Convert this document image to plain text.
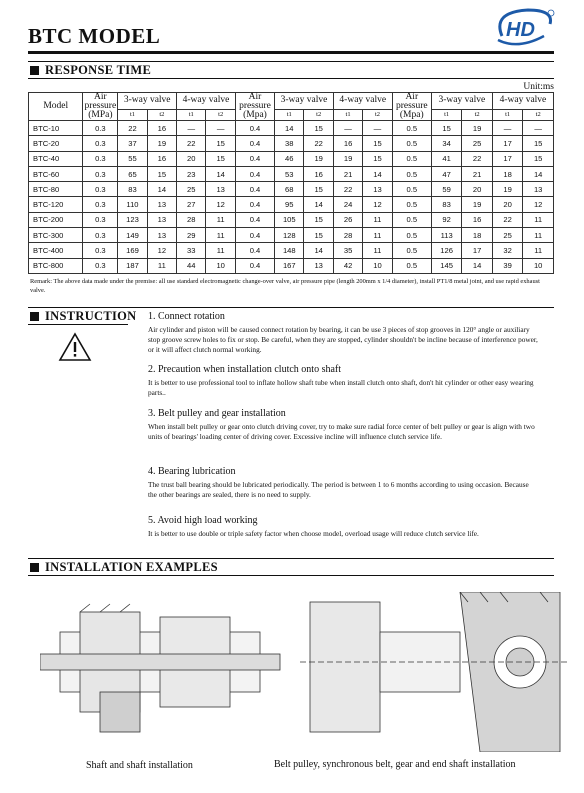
BTC MODEL	HD
RESPONSE TIME
Unit:ms
Model	Air pressure (MPa)	3-way valve		4-way valve		Air pressure (Mpa)	3-way valve		4-way valve		Air pressure (Mpa)	3-way valve		4-way valve	
		t1	t2	t1	t2		t1	t2	t1	t2		t1	t2	t1	t2
BTC-10	0.3	22	16	—	—	0.4	14	15	—	—	0.5	15	19	—	—
BTC-20	0.3	37	19	22	15	0.4	38	22	16	15	0.5	34	25	17	15
BTC-40	0.3	55	16	20	15	0.4	46	19	19	15	0.5	41	22	17	15
BTC-60	0.3	65	15	23	14	0.4	53	16	21	14	0.5	47	21	18	14
BTC-80	0.3	83	14	25	13	0.4	68	15	22	13	0.5	59	20	19	13
BTC-120	0.3	110	13	27	12	0.4	95	14	24	12	0.5	83	19	20	12
BTC-200	0.3	123	13	28	11	0.4	105	15	26	11	0.5	92	16	22	11
BTC-300	0.3	149	13	29	11	0.4	128	15	28	11	0.5	113	18	25	11
BTC-400	0.3	169	12	33	11	0.4	148	14	35	11	0.5	126	17	32	11
BTC-800	0.3	187	11	44	10	0.4	167	13	42	10	0.5	145	14	39	10
Remark: The above data made under the premise: all use standard electromagnetic change-over valve, air pressure pipe (length 200mm x 1/4 diameter), install PT1/8 metal joint, and use rapid exhaust valve.
INSTRUCTION 1. Connect rotation
Air cylinder and piston will be caused connect rotation by bearing, it can be use 3 pieces of stop grooves in 120° angle or auxiliary stop groove screw holes to fix or stop. Be careful, when they are stopped, cylinder shouldn't be incline because of interference power, or it will affect clutch normal working.
2. Precaution when installation clutch onto shaft
It is better to use professional tool to inflate hollow shaft tube when install clutch onto shaft, don't hit cylinder or other easy wearing parts..
3. Belt pulley and gear installation
When install belt pulley or gear onto clutch driving cover, try to make sure radial force center of belt pulley or gear is align with two units of bearings' loading center of driving cover. Excessive incline will influence clutch service life.
4. Bearing lubrication
The trust ball bearing should be lubricated periodically. The period is between 1 to 6 months according to using occasion. Because the other bearings are sealed, there is no need to supply.
5. Avoid high load working
It is better to use double or triple safety factor when choose model, overload usage will reduce clutch service life.
INSTALLATION EXAMPLES
Shaft and shaft installation	Belt pulley, synchronous belt, gear and end shaft installation
